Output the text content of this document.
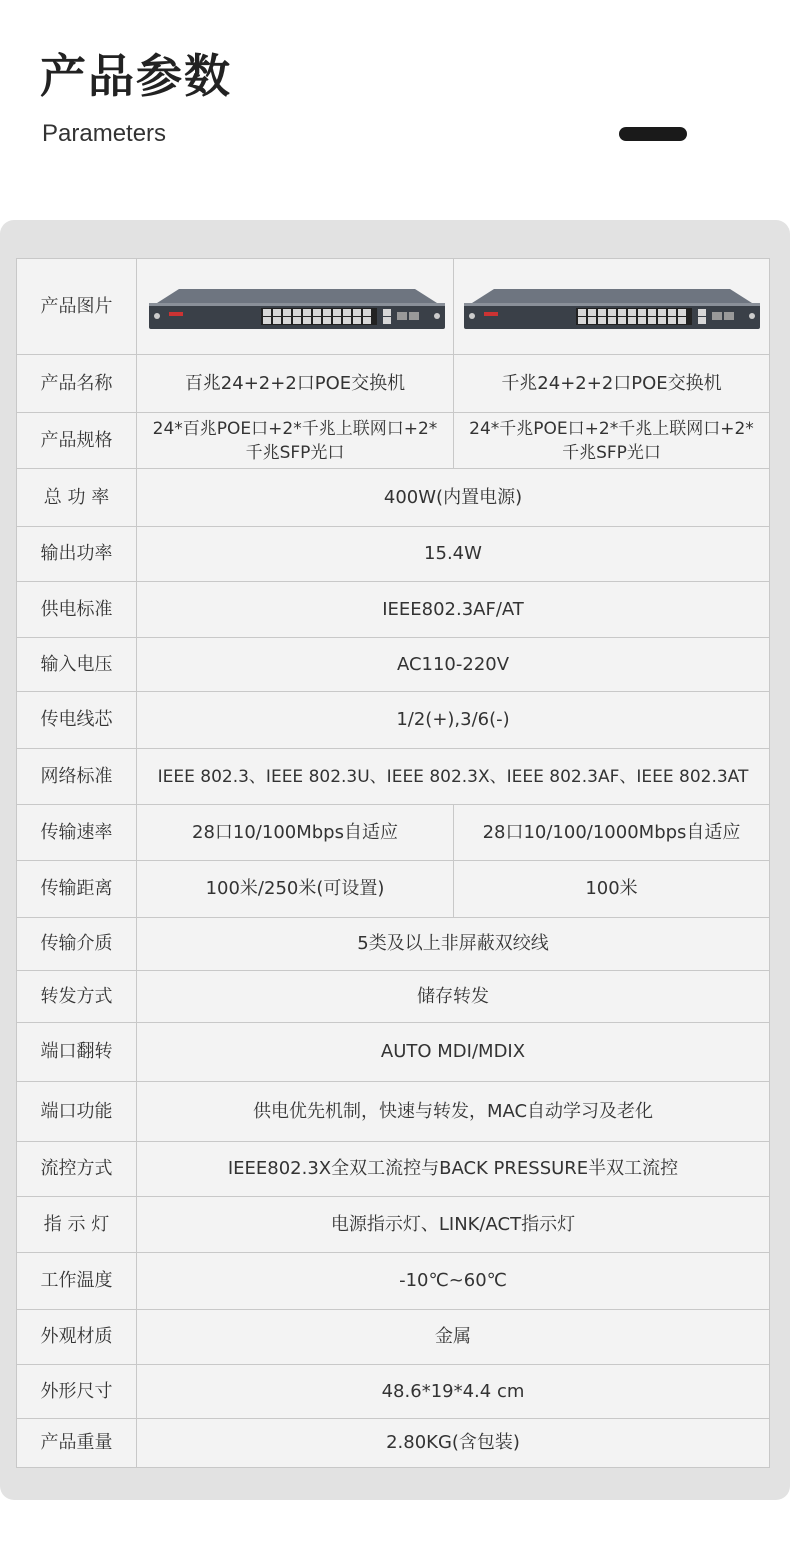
产品参数
Parameters
产品图片	

产品名称	百兆24+2+2口POE交换机	千兆24+2+2口POE交换机
产品规格	24*百兆POE口+2*千兆上联网口+2*千兆SFP光口	24*千兆POE口+2*千兆上联网口+2*千兆SFP光口
总 功 率	400W(内置电源)	
输出功率	15.4W	
供电标准	IEEE802.3AF/AT	
输入电压	AC110-220V	
传电线芯	1/2(+),3/6(-)	
网络标准	IEEE 802.3、IEEE 802.3U、IEEE 802.3X、IEEE 802.3AF、IEEE 802.3AT	
传输速率	28口10/100Mbps自适应	28口10/100/1000Mbps自适应
传输距离	100米/250米(可设置)	100米
传输介质	5类及以上非屏蔽双绞线	
转发方式	储存转发	
端口翻转	AUTO MDI/MDIX	
端口功能	供电优先机制，快速与转发，MAC自动学习及老化	
流控方式	IEEE802.3X全双工流控与BACK PRESSURE半双工流控	
指 示 灯	电源指示灯、LINK/ACT指示灯	
工作温度	-10℃~60℃	
外观材质	金属	
外形尺寸	48.6*19*4.4 cm	
产品重量	2.80KG(含包装)	
